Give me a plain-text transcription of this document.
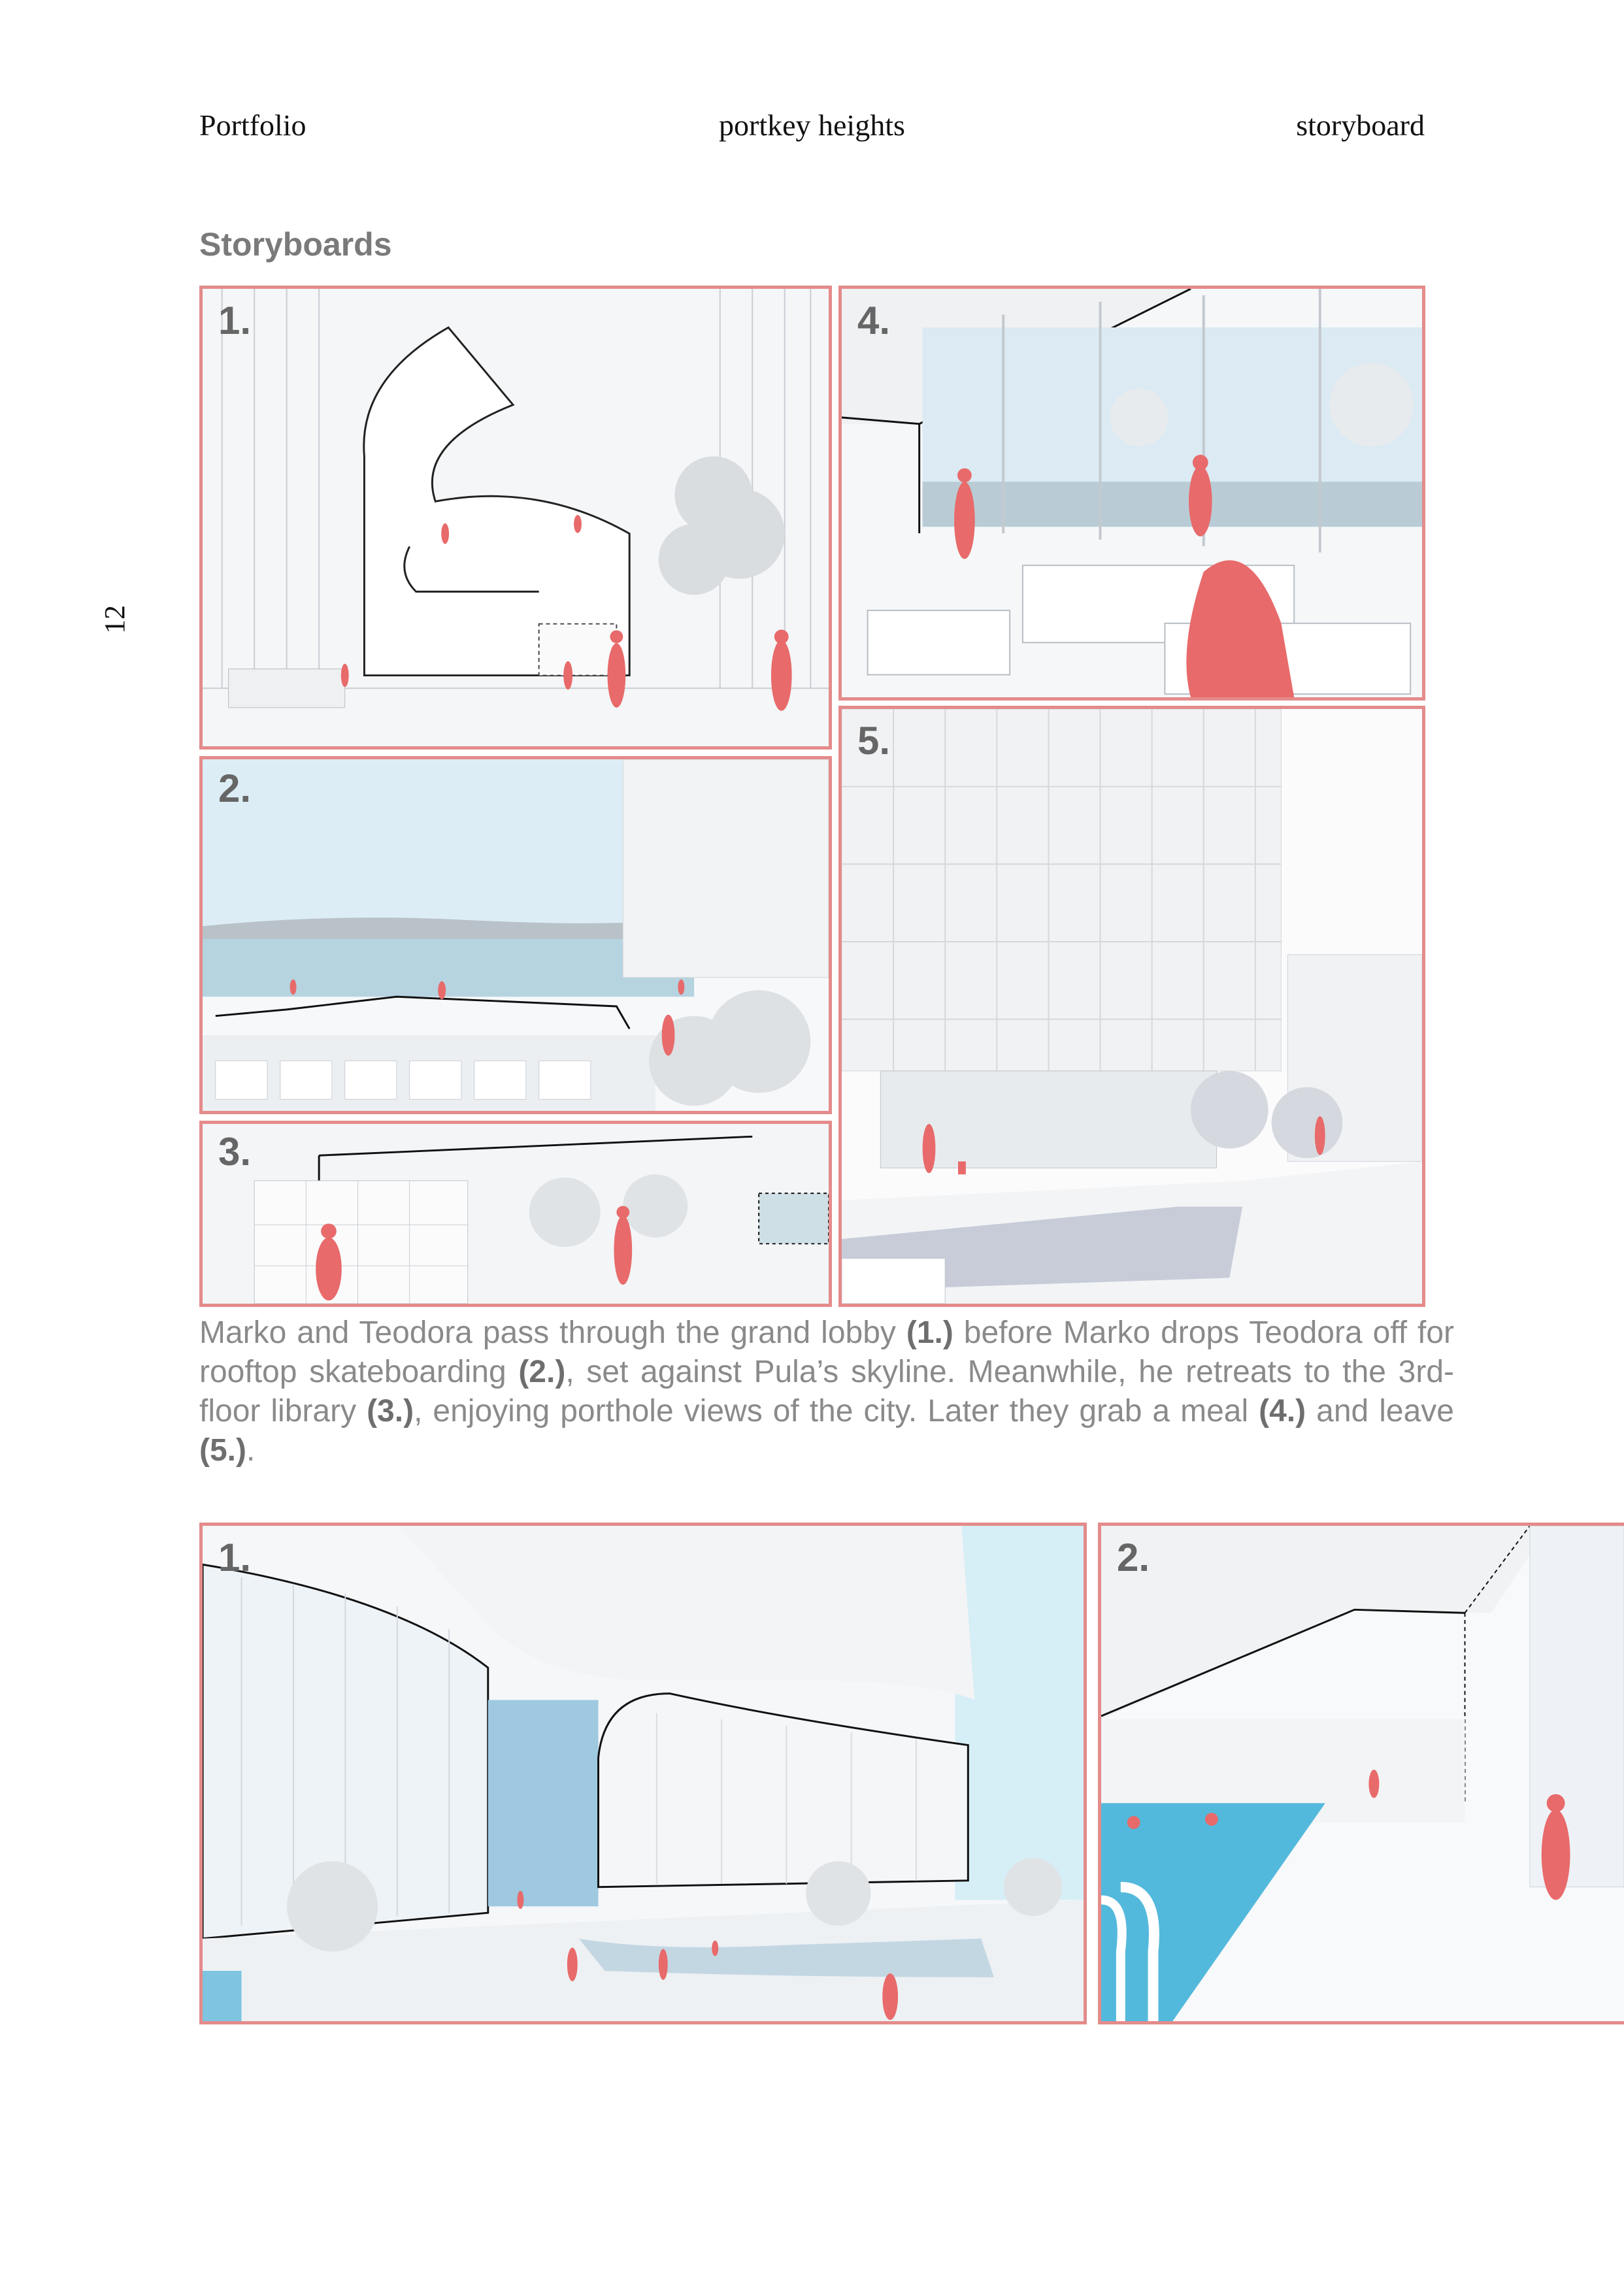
Portfolio	portkey heights	storyboard
12
Storyboards
1.
2.
3.
4.
5.
Marko and Teodora pass through the grand lobby (1.) before Marko drops Teodora off for rooftop skateboarding (2.), set against Pula’s skyline. Meanwhile, he retreats to the 3rd-floor library (3.), enjoying porthole views of the city. Later they grab a meal (4.) and leave (5.).
1.	2.
